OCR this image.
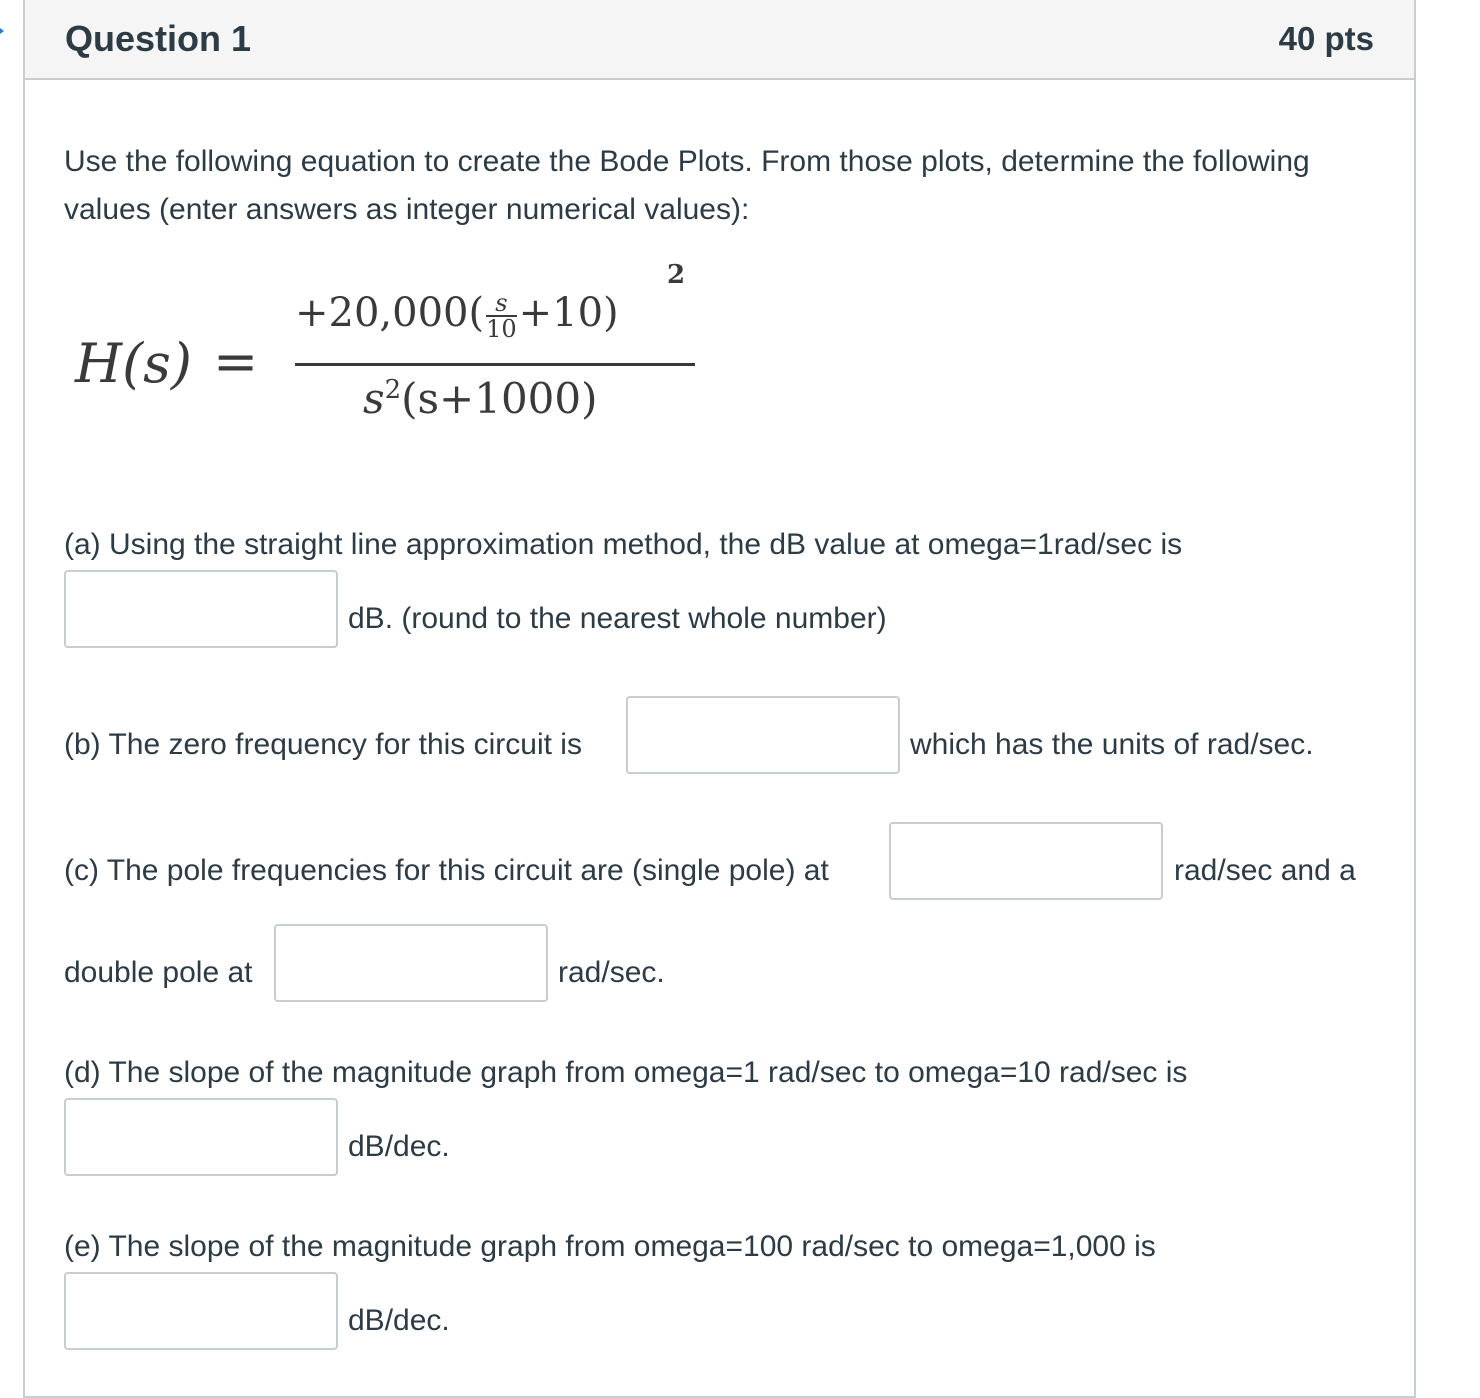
Question 1	40 pts
Use the following equation to create the Bode Plots. From those plots, determine the following values (enter answers as integer numerical values):
H(s) =
$+20,000( \frac{s}{10} +10)$
2
$s^2(s+1000)$
(a) Using the straight line approximation method, the dB value at omega=1rad/sec is
dB. (round to the nearest whole number)
(b) The zero frequency for this circuit is	which has the units of rad/sec.
(c) The pole frequencies for this circuit are (single pole) at	rad/sec and a
double pole at	rad/sec.
(d) The slope of the magnitude graph from omega=1 rad/sec to omega=10 rad/sec is
dB/dec.
(e) The slope of the magnitude graph from omega=100 rad/sec to omega=1,000 is
dB/dec.
